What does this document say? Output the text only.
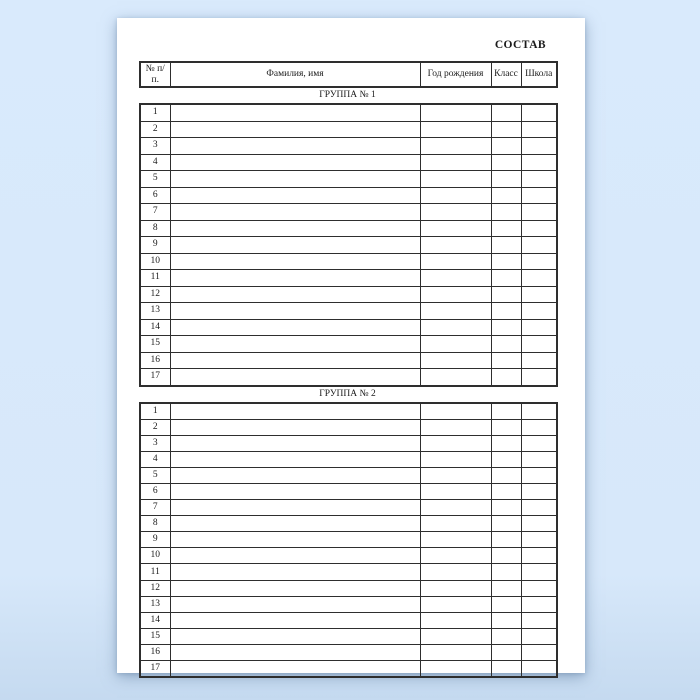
СОСТАВ
№ п/п.	Фамилия, имя	Год рождения	Класс	Школа
ГРУППА № 1
1				
2				
3				
4				
5				
6				
7				
8				
9				
10				
11				
12				
13				
14				
15				
16				
17				
ГРУППА № 2
1				
2				
3				
4				
5				
6				
7				
8				
9				
10				
11				
12				
13				
14				
15				
16				
17				
